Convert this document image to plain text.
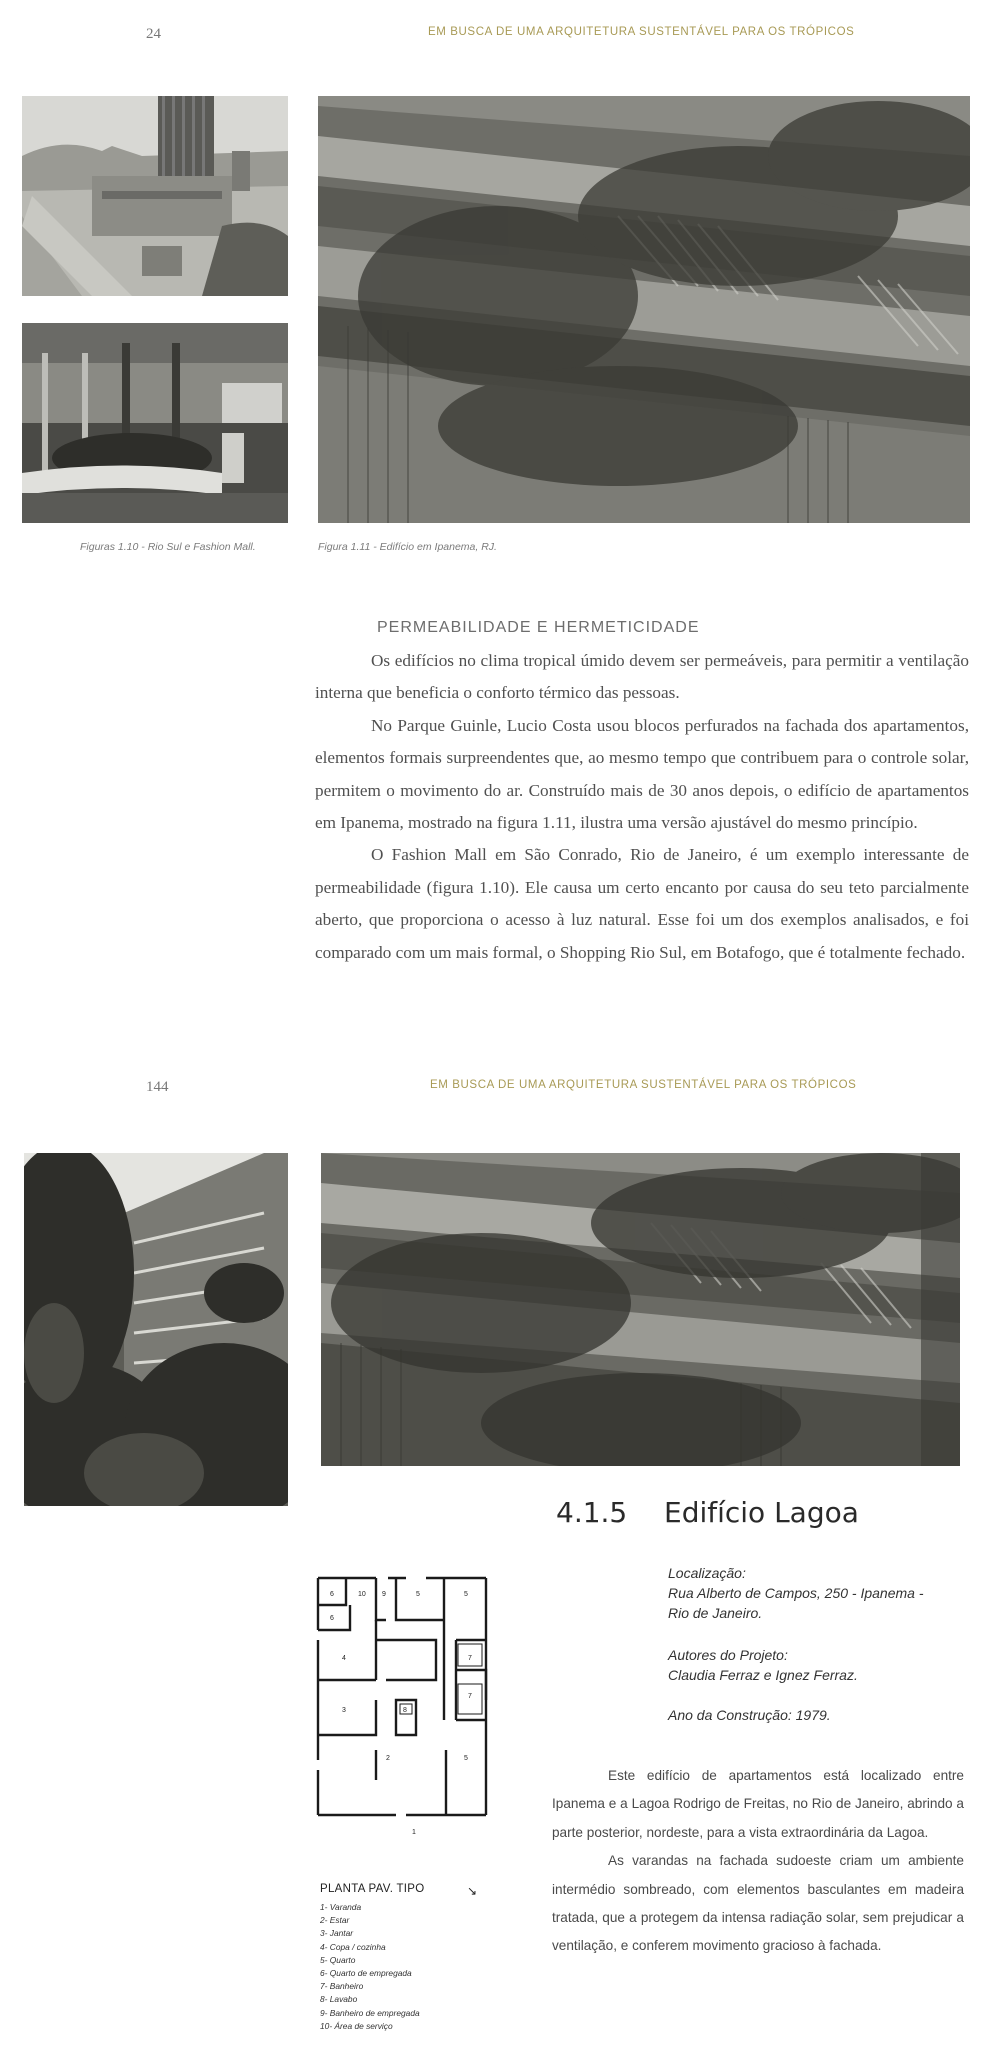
24	EM BUSCA DE UMA ARQUITETURA SUSTENTÁVEL PARA OS TRÓPICOS
Figuras 1.10 - Rio Sul e Fashion Mall.	Figura 1.11 - Edifício em Ipanema, RJ.
PERMEABILIDADE E HERMETICIDADE

Os edifícios no clima tropical úmido devem ser permeáveis, para permitir a ventilação interna que beneficia o conforto térmico das pessoas.

No Parque Guinle, Lucio Costa usou blocos perfurados na fachada dos apartamentos, elementos formais surpreendentes que, ao mesmo tempo que contribuem para o controle solar, permitem o movimento do ar. Construído mais de 30 anos depois, o edifício de apartamentos em Ipanema, mostrado na figura 1.11, ilustra uma versão ajustável do mesmo princípio.

O Fashion Mall em São Conrado, Rio de Janeiro, é um exemplo interessante de permeabilidade (figura 1.10). Ele causa um certo encanto por causa do seu teto parcialmente aberto, que proporciona o acesso à luz natural. Esse foi um dos exemplos analisados, e foi comparado com um mais formal, o Shopping Rio Sul, em Botafogo, que é totalmente fechado.

144	EM BUSCA DE UMA ARQUITETURA SUSTENTÁVEL PARA OS TRÓPICOS
4.1.5 Edifício Lagoa
Localização:
Rua Alberto de Campos, 250 - Ipanema -
Rio de Janeiro.
Autores do Projeto:
Claudia Ferraz e Ignez Ferraz.
Ano da Construção: 1979.

Este edifício de apartamentos está localizado entre Ipanema e a Lagoa Rodrigo de Freitas, no Rio de Janeiro, abrindo a parte posterior, nordeste, para a vista extraordinária da Lagoa.

As varandas na fachada sudoeste criam um ambiente intermédio sombreado, com elementos basculantes em madeira tratada, que a protegem da intensa radiação solar, sem prejudicar a ventilação, e conferem movimento gracioso à fachada.

10 9
6	5	5
6
7
4
7
3	8
5
2
1
PLANTA PAV. TIPO	↘
1- Varanda
2- Estar
3- Jantar
4- Copa / cozinha
5- Quarto
6- Quarto de empregada
7- Banheiro
8- Lavabo
9- Banheiro de empregada
10- Área de serviço
